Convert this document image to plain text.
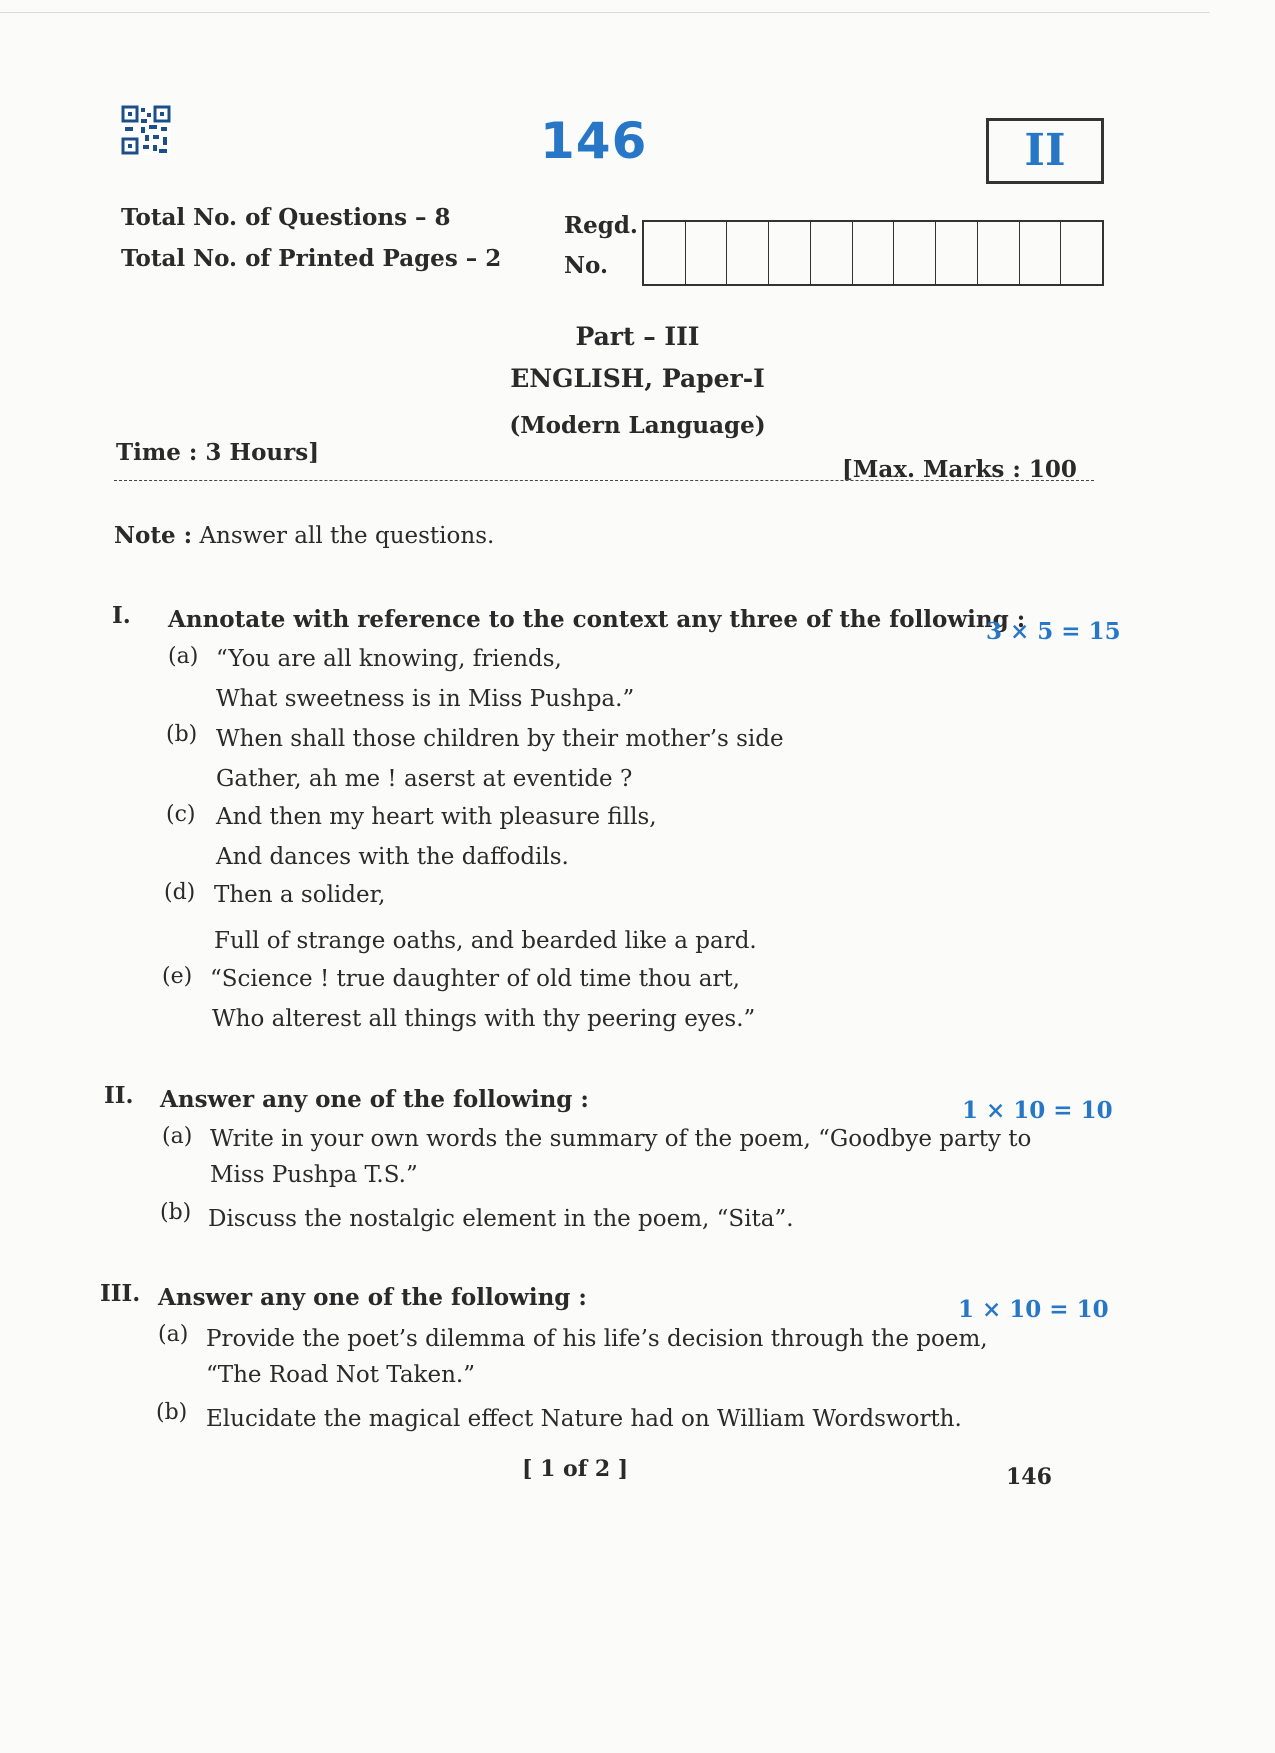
146	II
Total No. of Questions – 8
Total No. of Printed Pages – 2
Regd.
No.
Part – III
ENGLISH, Paper-I
(Modern Language)
Time : 3 Hours]
[Max. Marks : 100
Note : Answer all the questions.
I. Annotate with reference to the context any three of the following :
3 × 5 = 15
(a) “You are all knowing, friends,
What sweetness is in Miss Pushpa.”
(b) When shall those children by their mother’s side
Gather, ah me ! aserst at eventide ?
(c) And then my heart with pleasure fills,
And dances with the daffodils.
(d) Then a solider,
Full of strange oaths, and bearded like a pard.
(e) “Science ! true daughter of old time thou art,
Who alterest all things with thy peering eyes.”
II. Answer any one of the following :	1 × 10 = 10
(a) Write in your own words the summary of the poem, “Goodbye party to
Miss Pushpa T.S.”
(b) Discuss the nostalgic element in the poem, “Sita”.
III. Answer any one of the following :	1 × 10 = 10
(a) Provide the poet’s dilemma of his life’s decision through the poem,
“The Road Not Taken.”
(b) Elucidate the magical effect Nature had on William Wordsworth.
[ 1 of 2 ]	146
